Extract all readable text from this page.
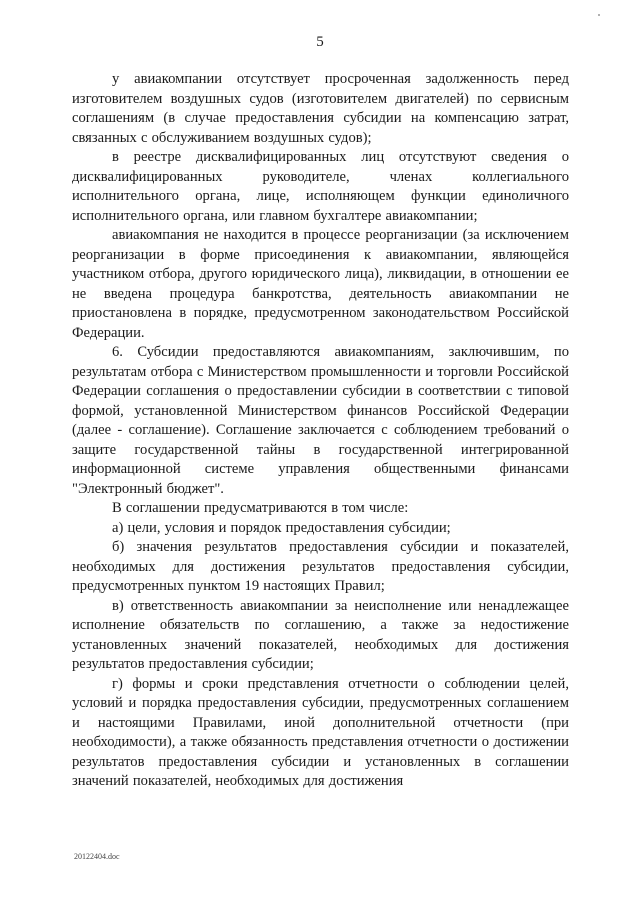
5

у авиакомпании отсутствует просроченная задолженность перед изготовителем воздушных судов (изготовителем двигателей) по сервисным соглашениям (в случае предоставления субсидии на компенсацию затрат, связанных с обслуживанием воздушных судов);

в реестре дисквалифицированных лиц отсутствуют сведения о дисквалифицированных руководителе, членах коллегиального исполнительного органа, лице, исполняющем функции единоличного исполнительного органа, или главном бухгалтере авиакомпании;

авиакомпания не находится в процессе реорганизации (за исключением реорганизации в форме присоединения к авиакомпании, являющейся участником отбора, другого юридического лица), ликвидации, в отношении ее не введена процедура банкротства, деятельность авиакомпании не приостановлена в порядке, предусмотренном законодательством Российской Федерации.

6. Субсидии предоставляются авиакомпаниям, заключившим, по результатам отбора с Министерством промышленности и торговли Российской Федерации соглашения о предоставлении субсидии в соответствии с типовой формой, установленной Министерством финансов Российской Федерации (далее - соглашение). Соглашение заключается с соблюдением требований о защите государственной тайны в государственной интегрированной информационной системе управления общественными финансами "Электронный бюджет".

В соглашении предусматриваются в том числе:

а) цели, условия и порядок предоставления субсидии;

б) значения результатов предоставления субсидии и показателей, необходимых для достижения результатов предоставления субсидии, предусмотренных пунктом 19 настоящих Правил;

в) ответственность авиакомпании за неисполнение или ненадлежащее исполнение обязательств по соглашению, а также за недостижение установленных значений показателей, необходимых для достижения результатов предоставления субсидии;

г) формы и сроки представления отчетности о соблюдении целей, условий и порядка предоставления субсидии, предусмотренных соглашением и настоящими Правилами, иной дополнительной отчетности (при необходимости), а также обязанность представления отчетности о достижении результатов предоставления субсидии и установленных в соглашении значений показателей, необходимых для достижения

20122404.doc
